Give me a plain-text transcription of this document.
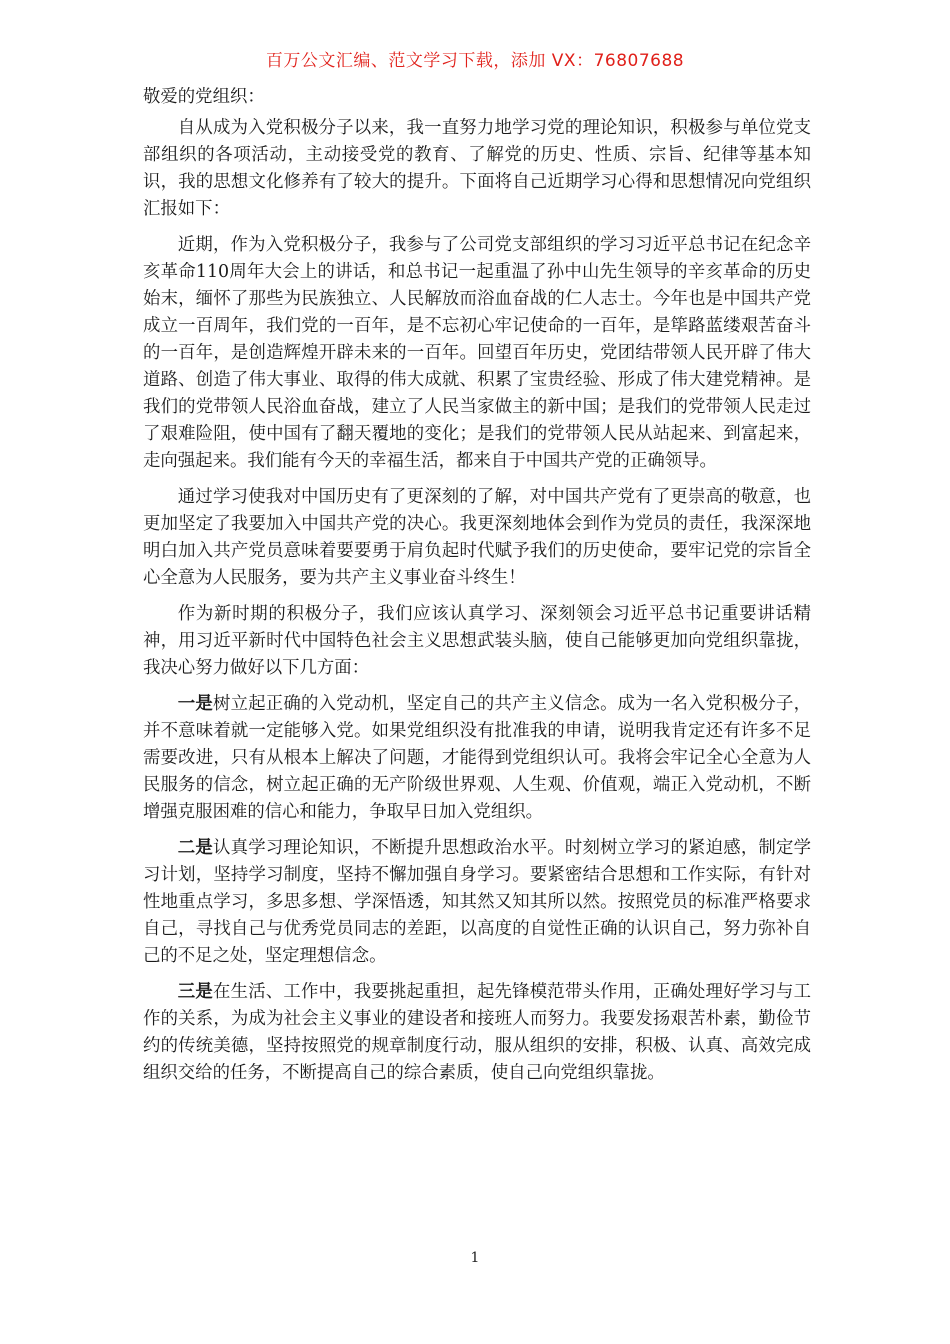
百万公文汇编、范文学习下载，添加 VX：76807688

敬爱的党组织：

自从成为入党积极分子以来，我一直努力地学习党的理论知识，积极参与单位党支部组织的各项活动，主动接受党的教育、了解党的历史、性质、宗旨、纪律等基本知识，我的思想文化修养有了较大的提升。下面将自己近期学习心得和思想情况向党组织汇报如下：

近期，作为入党积极分子，我参与了公司党支部组织的学习习近平总书记在纪念辛亥革命110周年大会上的讲话，和总书记一起重温了孙中山先生领导的辛亥革命的历史始末，缅怀了那些为民族独立、人民解放而浴血奋战的仁人志士。今年也是中国共产党成立一百周年，我们党的一百年，是不忘初心牢记使命的一百年，是筚路蓝缕艰苦奋斗的一百年，是创造辉煌开辟未来的一百年。回望百年历史，党团结带领人民开辟了伟大道路、创造了伟大事业、取得的伟大成就、积累了宝贵经验、形成了伟大建党精神。是我们的党带领人民浴血奋战，建立了人民当家做主的新中国；是我们的党带领人民走过了艰难险阻，使中国有了翻天覆地的变化；是我们的党带领人民从站起来、到富起来，走向强起来。我们能有今天的幸福生活，都来自于中国共产党的正确领导。

通过学习使我对中国历史有了更深刻的了解，对中国共产党有了更崇高的敬意，也更加坚定了我要加入中国共产党的决心。我更深刻地体会到作为党员的责任，我深深地明白加入共产党员意味着要要勇于肩负起时代赋予我们的历史使命，要牢记党的宗旨全心全意为人民服务，要为共产主义事业奋斗终生！

作为新时期的积极分子，我们应该认真学习、深刻领会习近平总书记重要讲话精神，用习近平新时代中国特色社会主义思想武装头脑，使自己能够更加向党组织靠拢，我决心努力做好以下几方面：

一是树立起正确的入党动机，坚定自己的共产主义信念。成为一名入党积极分子，并不意味着就一定能够入党。如果党组织没有批准我的申请，说明我肯定还有许多不足需要改进，只有从根本上解决了问题，才能得到党组织认可。我将会牢记全心全意为人民服务的信念，树立起正确的无产阶级世界观、人生观、价值观，端正入党动机，不断增强克服困难的信心和能力，争取早日加入党组织。

二是认真学习理论知识，不断提升思想政治水平。时刻树立学习的紧迫感，制定学习计划，坚持学习制度，坚持不懈加强自身学习。要紧密结合思想和工作实际，有针对性地重点学习，多思多想、学深悟透，知其然又知其所以然。按照党员的标准严格要求自己，寻找自己与优秀党员同志的差距，以高度的自觉性正确的认识自己，努力弥补自己的不足之处，坚定理想信念。

三是在生活、工作中，我要挑起重担，起先锋模范带头作用，正确处理好学习与工作的关系，为成为社会主义事业的建设者和接班人而努力。我要发扬艰苦朴素，勤俭节约的传统美德，坚持按照党的规章制度行动，服从组织的安排，积极、认真、高效完成组织交给的任务，不断提高自己的综合素质，使自己向党组织靠拢。

1
